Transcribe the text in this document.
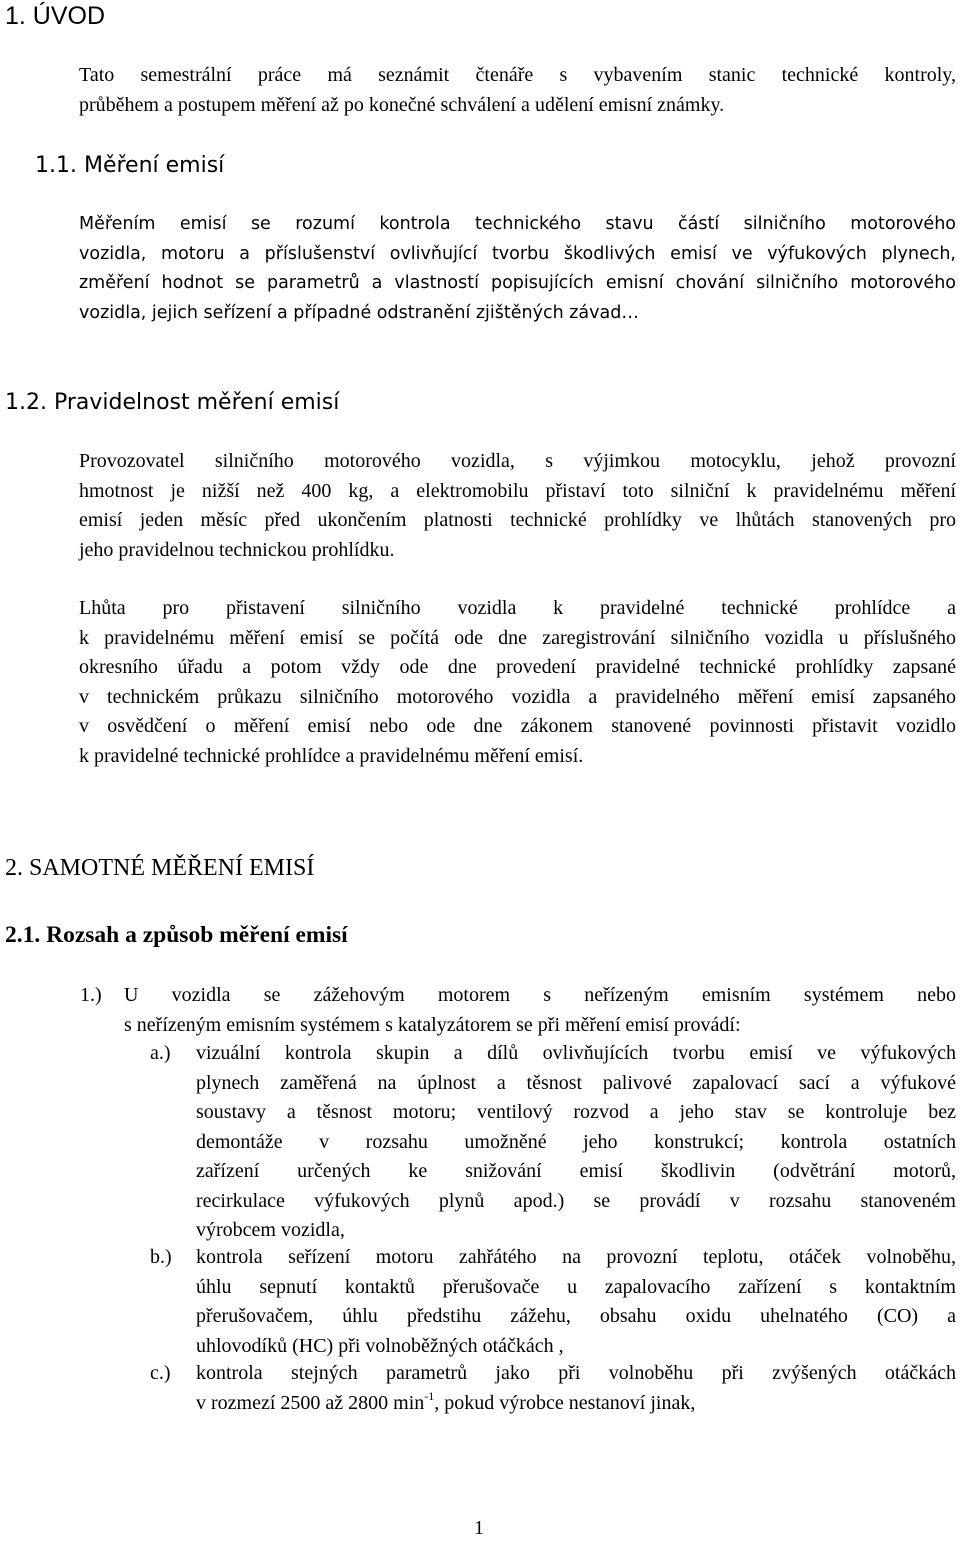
1. ÚVOD
Tato semestrální práce má seznámit čtenáře s vybavením stanic technické kontroly,
průběhem a postupem měření až po konečné schválení a udělení emisní známky.
1.1. Měření emisí
Měřením emisí se rozumí kontrola technického stavu částí silničního motorového
vozidla, motoru a příslušenství ovlivňující tvorbu škodlivých emisí ve výfukových plynech,
změření hodnot se parametrů a vlastností popisujících emisní chování silničního motorového
vozidla, jejich seřízení a případné odstranění zjištěných závad…
1.2. Pravidelnost měření emisí
Provozovatel silničního motorového vozidla, s výjimkou motocyklu, jehož provozní
hmotnost je nižší než 400 kg, a elektromobilu přistaví toto silniční k pravidelnému měření
emisí jeden měsíc před ukončením platnosti technické prohlídky ve lhůtách stanovených pro
jeho pravidelnou technickou prohlídku.
Lhůta pro přistavení silničního vozidla k pravidelné technické prohlídce a
k pravidelnému měření emisí se počítá ode dne zaregistrování silničního vozidla u příslušného
okresního úřadu a potom vždy ode dne provedení pravidelné technické prohlídky zapsané
v technickém průkazu silničního motorového vozidla a pravidelného měření emisí zapsaného
v osvědčení o měření emisí nebo ode dne zákonem stanovené povinnosti přistavit vozidlo
k pravidelné technické prohlídce a pravidelnému měření emisí.
2. SAMOTNÉ MĚŘENÍ EMISÍ
2.1. Rozsah a způsob měření emisí
1.) U vozidla se zážehovým motorem s neřízeným emisním systémem nebo
s neřízeným emisním systémem s katalyzátorem se při měření emisí provádí:
a.) vizuální kontrola skupin a dílů ovlivňujících tvorbu emisí ve výfukových
plynech zaměřená na úplnost a těsnost palivové zapalovací sací a výfukové
soustavy a těsnost motoru; ventilový rozvod a jeho stav se kontroluje bez
demontáže v rozsahu umožněné jeho konstrukcí; kontrola ostatních
zařízení určených ke snižování emisí škodlivin (odvětrání motorů,
recirkulace výfukových plynů apod.) se provádí v rozsahu stanoveném
výrobcem vozidla,
b.) kontrola seřízení motoru zahřátého na provozní teplotu, otáček volnoběhu,
úhlu sepnutí kontaktů přerušovače u zapalovacího zařízení s kontaktním
přerušovačem, úhlu předstihu zážehu, obsahu oxidu uhelnatého (CO) a
uhlovodíků (HC) při volnoběžných otáčkách ,
c.) kontrola stejných parametrů jako při volnoběhu při zvýšených otáčkách
v rozmezí 2500 až 2800 $\min^{-1}$, pokud výrobce nestanoví jinak,
1
